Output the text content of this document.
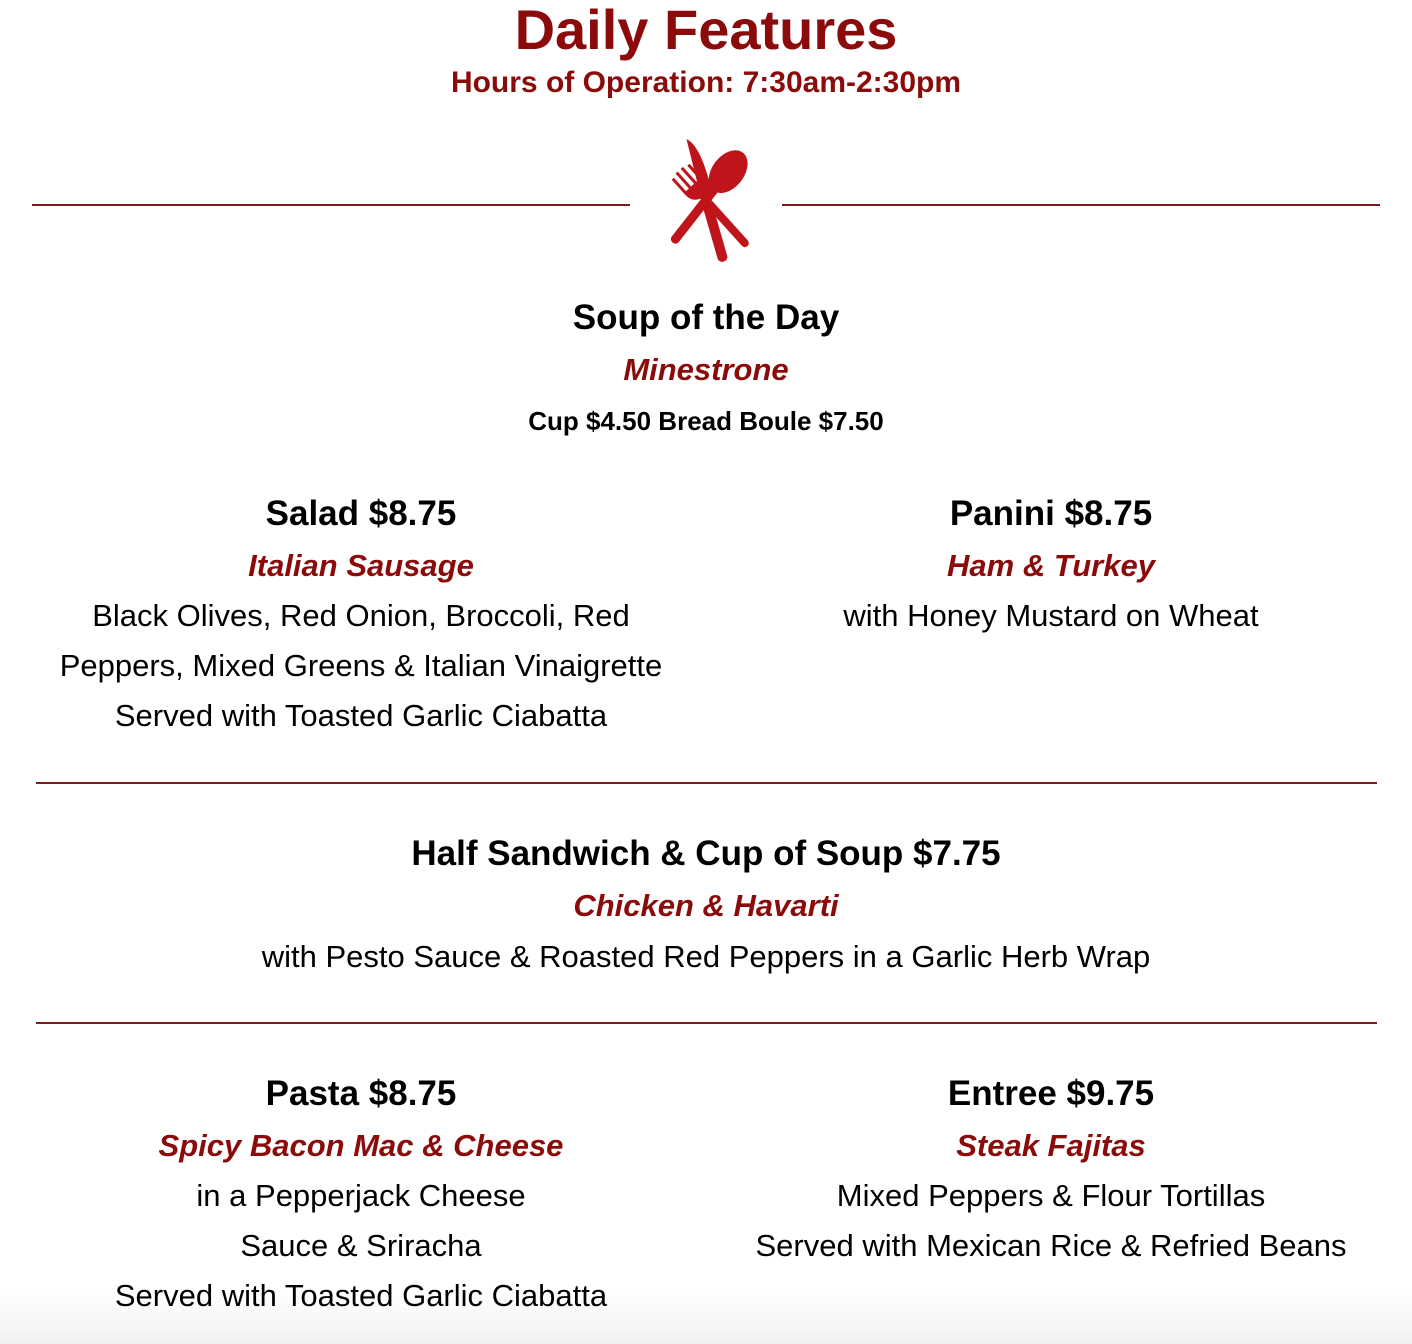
Daily Features
Hours of Operation: 7:30am-2:30pm
Soup of the Day
Minestrone
Cup $4.50 Bread Boule $7.50
Salad $8.75
Italian Sausage
Black Olives, Red Onion, Broccoli, Red
Peppers, Mixed Greens & Italian Vinaigrette
Served with Toasted Garlic Ciabatta
Panini $8.75
Ham & Turkey
with Honey Mustard on Wheat
Half Sandwich & Cup of Soup $7.75
Chicken & Havarti
with Pesto Sauce & Roasted Red Peppers in a Garlic Herb Wrap
Pasta $8.75
Spicy Bacon Mac & Cheese
in a Pepperjack Cheese
Sauce & Sriracha
Served with Toasted Garlic Ciabatta
Entree $9.75
Steak Fajitas
Mixed Peppers & Flour Tortillas
Served with Mexican Rice & Refried Beans
